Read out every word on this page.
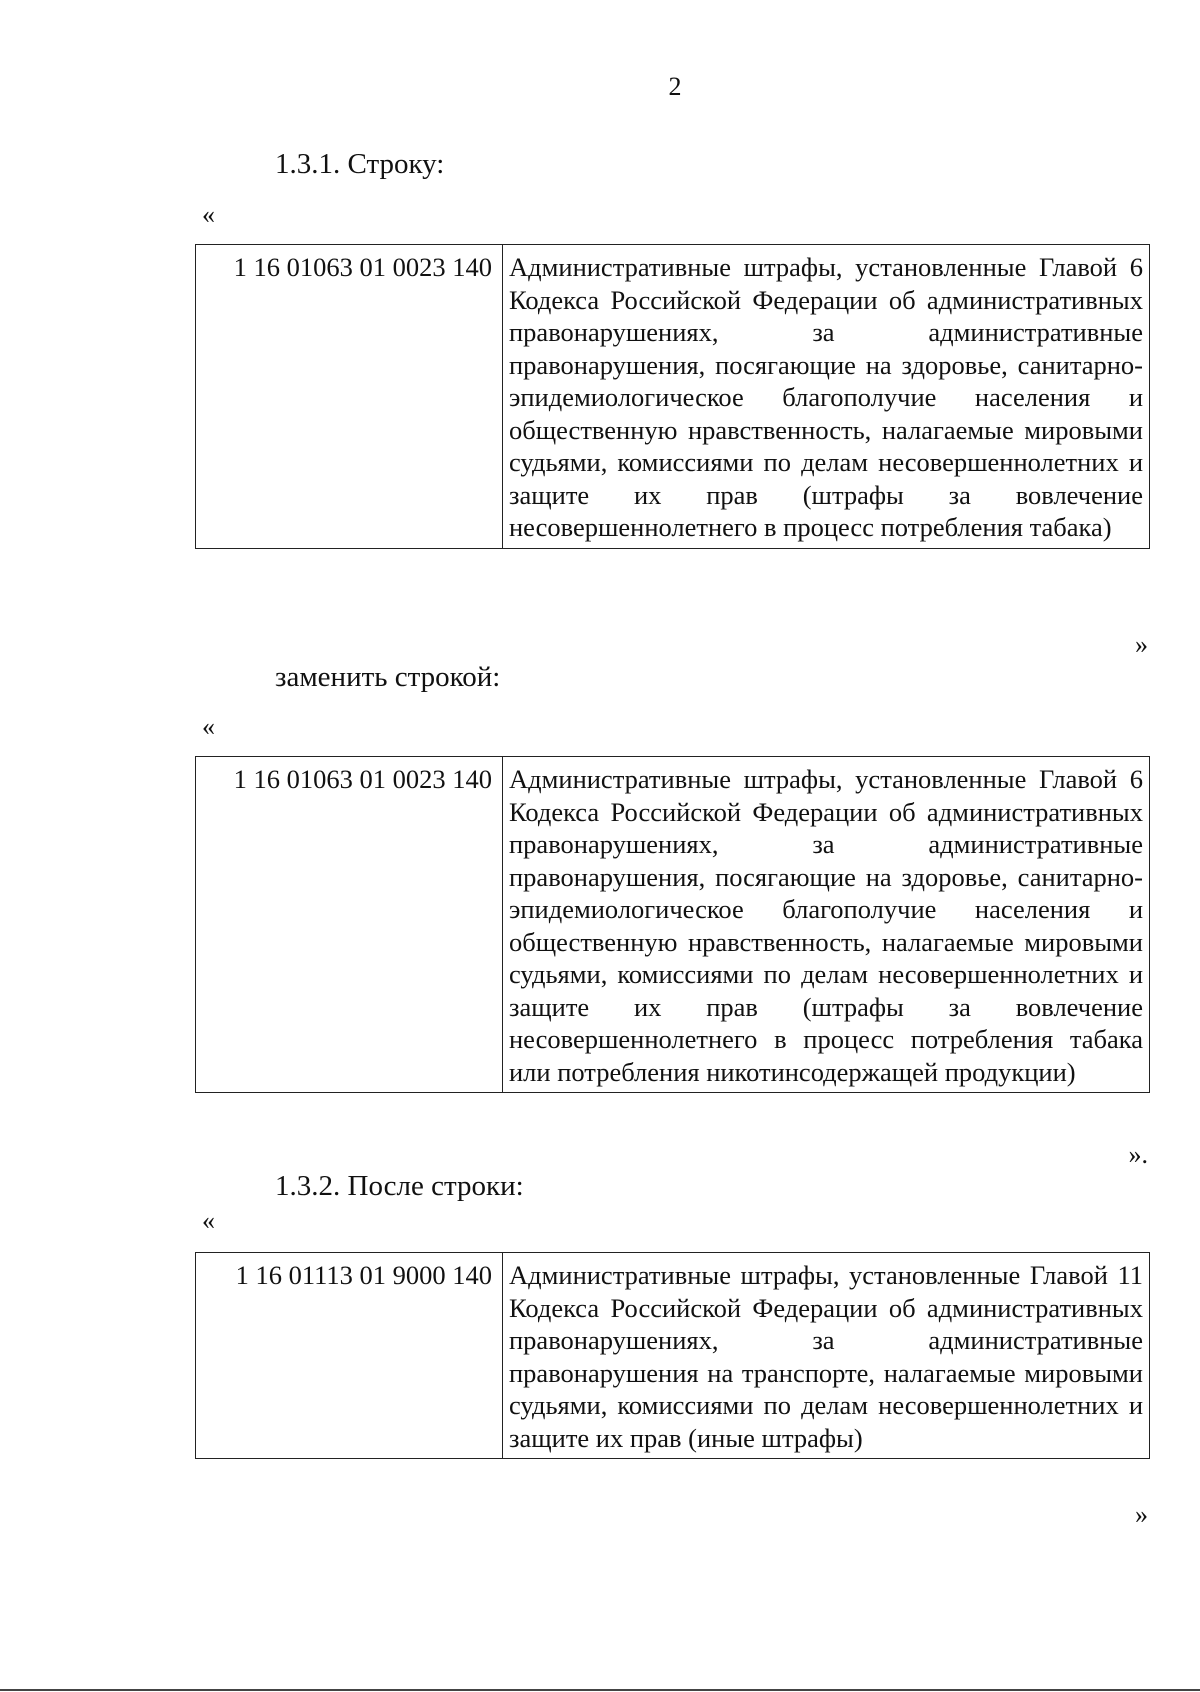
2
1.3.1. Строку:
«
1 16 01063 01 0023 140	Административные штрафы, установленные Главой 6 Кодекса Российской Федерации об административных правонарушениях, за административные правонарушения, посягающие на здоровье, санитарно-эпидемиологическое благополучие населения и общественную нравственность, налагаемые мировыми судьями, комиссиями по делам несовершеннолетних и защите их прав (штрафы за вовлечение несовершеннолетнего в процесс потребления табака)
»
заменить строкой:
«
1 16 01063 01 0023 140	Административные штрафы, установленные Главой 6 Кодекса Российской Федерации об административных правонарушениях, за административные правонарушения, посягающие на здоровье, санитарно-эпидемиологическое благополучие населения и общественную нравственность, налагаемые мировыми судьями, комиссиями по делам несовершеннолетних и защите их прав (штрафы за вовлечение несовершеннолетнего в процесс потребления табака или потребления никотинсодержащей продукции)
».
1.3.2. После строки:
«
1 16 01113 01 9000 140	Административные штрафы, установленные Главой 11 Кодекса Российской Федерации об административных правонарушениях, за административные правонарушения на транспорте, налагаемые мировыми судьями, комиссиями по делам несовершеннолетних и защите их прав (иные штрафы)
»
